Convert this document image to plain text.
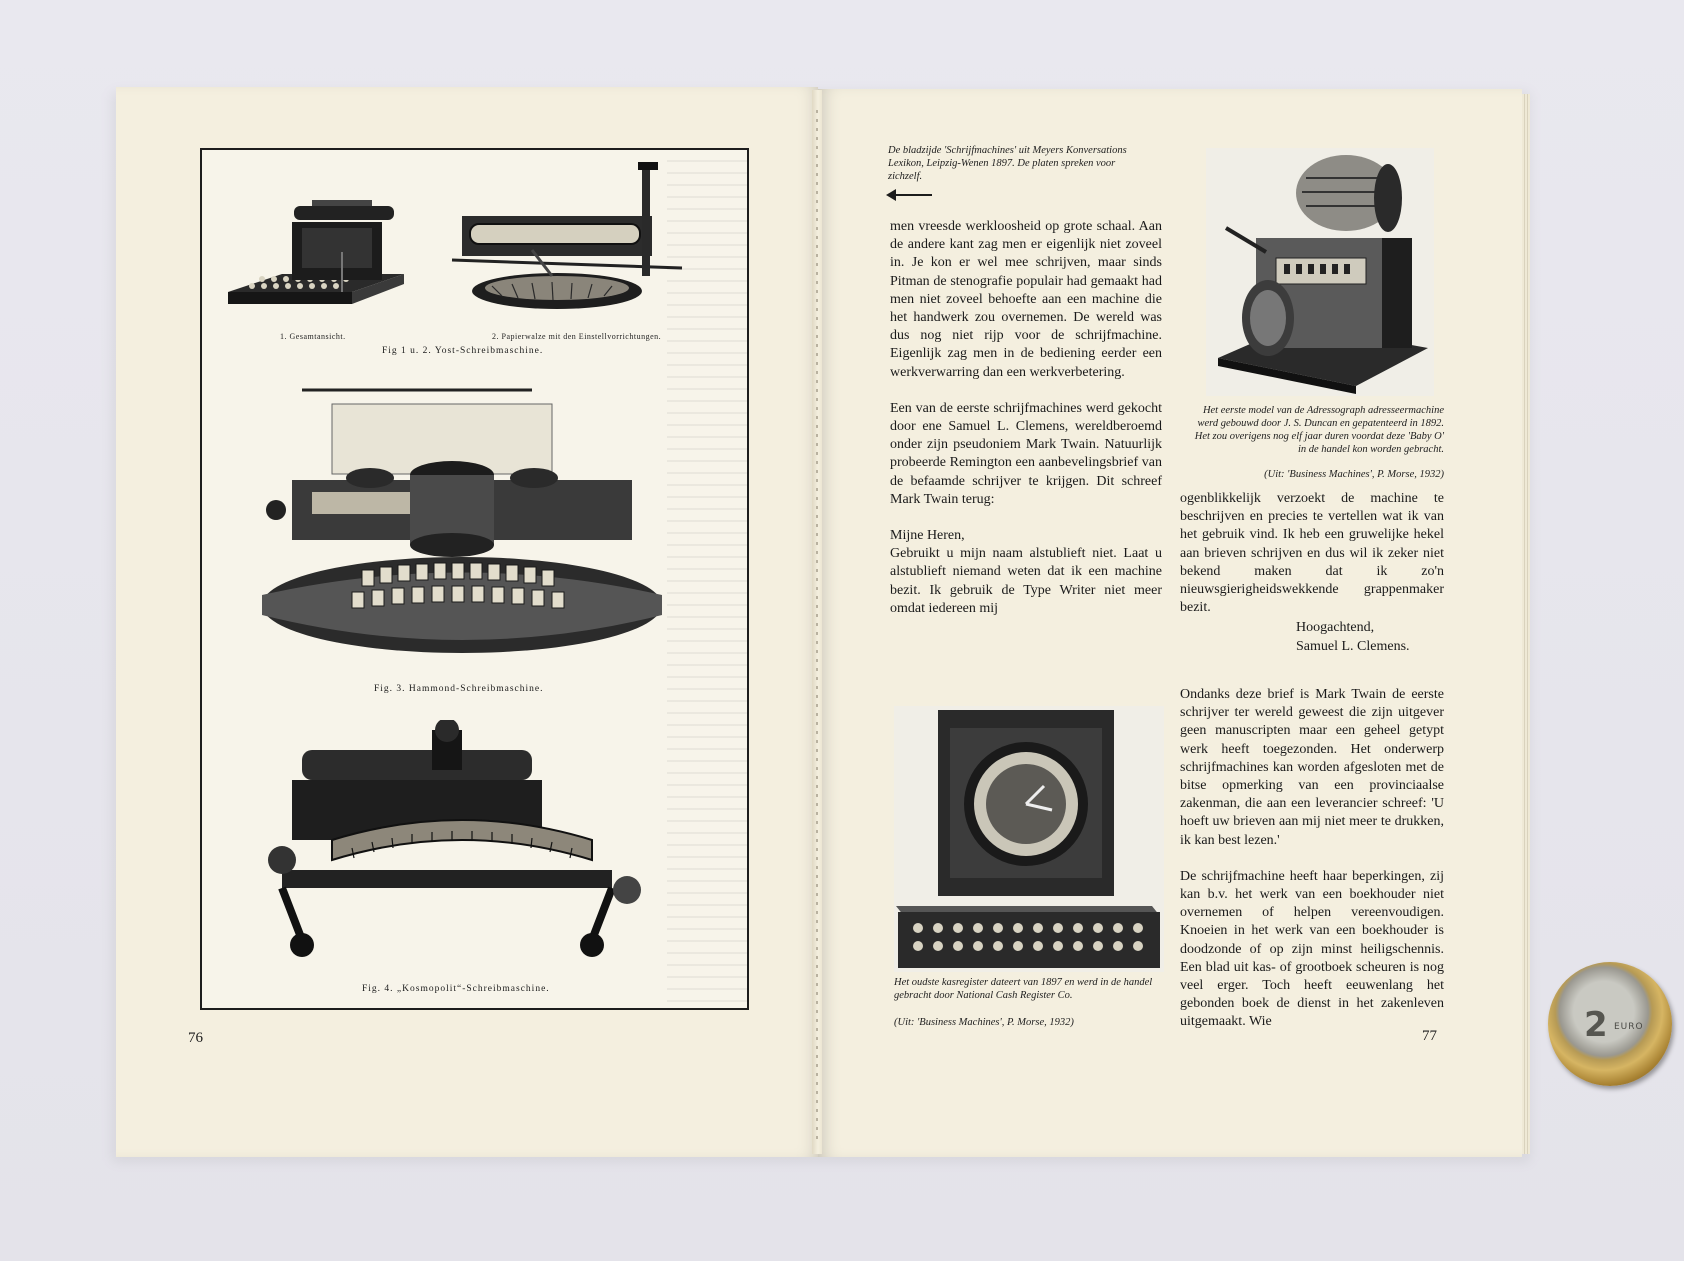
1. Gesamtansicht.	2. Papierwalze mit den Einstellvorrichtungen.
Fig 1 u. 2. Yost-Schreibmaschine.
Fig. 3. Hammond-Schreibmaschine.
Fig. 4. „Kosmopolit“-Schreibmaschine.
76
De bladzijde 'Schrijfmachines' uit Meyers Konversations Lexikon, Leipzig-Wenen 1897. De platen spreken voor zichzelf.

men vreesde werkloosheid op grote schaal. Aan de andere kant zag men er eigenlijk niet zoveel in. Je kon er wel mee schrijven, maar sinds Pitman de stenografie populair had gemaakt had men niet zoveel behoefte aan een machine die het handwerk zou overnemen. De wereld was dus nog niet rijp voor de schrijfmachine. Eigenlijk zag men in de bediening eerder een werkverwarring dan een werkverbetering.

Een van de eerste schrijfmachines werd gekocht door ene Samuel L. Clemens, wereldberoemd onder zijn pseudoniem Mark Twain. Natuurlijk probeerde Remington een aanbevelingsbrief van de befaamde schrijver te krijgen. Dit schreef Mark Twain terug:

Mijne Heren,
Gebruikt u mijn naam alstublieft niet. Laat u alstublieft niemand weten dat ik een machine bezit. Ik gebruik de Type Writer niet meer omdat iedereen mij
Het eerste model van de Adressograph adresseermachine werd gebouwd door J. S. Duncan en gepatenteerd in 1892. Het zou overigens nog elf jaar duren voordat deze 'Baby O' in de handel kon worden gebracht.
(Uit: 'Business Machines', P. Morse, 1932)
ogenblikkelijk verzoekt de machine te beschrijven en precies te vertellen wat ik van het gebruik vind. Ik heb een gruwelijke hekel aan brieven schrijven en dus wil ik zeker niet bekend maken dat ik zo'n nieuwsgierigheidswekkende grappenmaker bezit.
Hoogachtend,
Samuel L. Clemens.
Het oudste kasregister dateert van 1897 en werd in de handel gebracht door National Cash Register Co.
(Uit: 'Business Machines', P. Morse, 1932)

Ondanks deze brief is Mark Twain de eerste schrijver ter wereld geweest die zijn uitgever geen manuscripten maar een geheel getypt werk heeft toegezonden. Het onderwerp schrijfmachines kan worden afgesloten met de bitse opmerking van een provinciaalse zakenman, die aan een leverancier schreef: 'U hoeft uw brieven aan mij niet meer te drukken, ik kan best lezen.'

De schrijfmachine heeft haar beperkingen, zij kan b.v. het werk van een boekhouder niet overnemen of helpen vereenvoudigen. Knoeien in het werk van een boekhouder is doodzonde of op zijn minst heiligschennis. Een blad uit kas- of grootboek scheuren is nog veel erger. Toch heeft eeuwenlang het gebonden boek de dienst in het zakenleven uitgemaakt. Wie

77	2 EURO
